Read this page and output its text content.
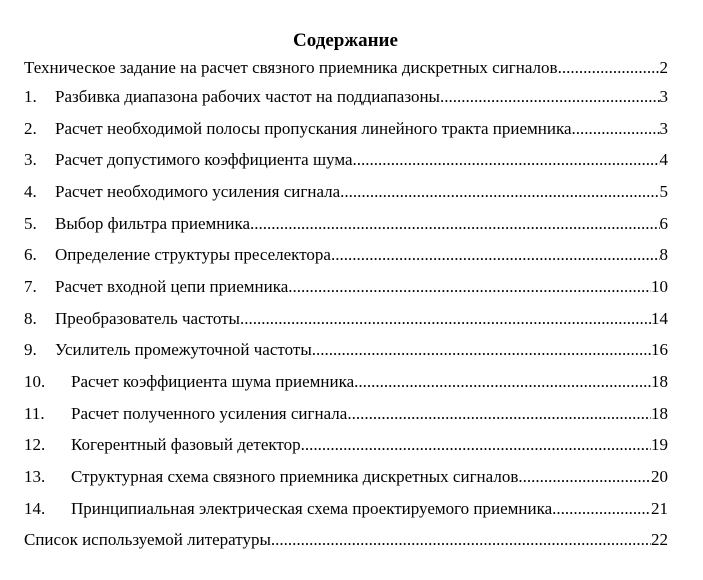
Содержание
Техническое задание на расчет связного приемника дискретных сигналов .....	2
1.	Разбивка диапазона рабочих частот на поддиапазоны .....	3
2.	Расчет необходимой полосы пропускания линейного тракта приемника .....	3
3.	Расчет допустимого коэффициента шума .....	4
4.	Расчет необходимого усиления сигнала .....	5
5.	Выбор фильтра приемника .....	6
6.	Определение структуры преселектора .....	8
7.	Расчет входной цепи приемника .....	10
8.	Преобразователь частоты .....	14
9.	Усилитель промежуточной частоты .....	16
10.	Расчет коэффициента шума приемника .....	18
11.	Расчет полученного усиления сигнала .....	18
12.	Когерентный фазовый детектор .....	19
13.	Структурная схема связного приемника дискретных сигналов .....	20
14.	Принципиальная электрическая схема проектируемого приемника .....	21
Список используемой литературы .....	22
